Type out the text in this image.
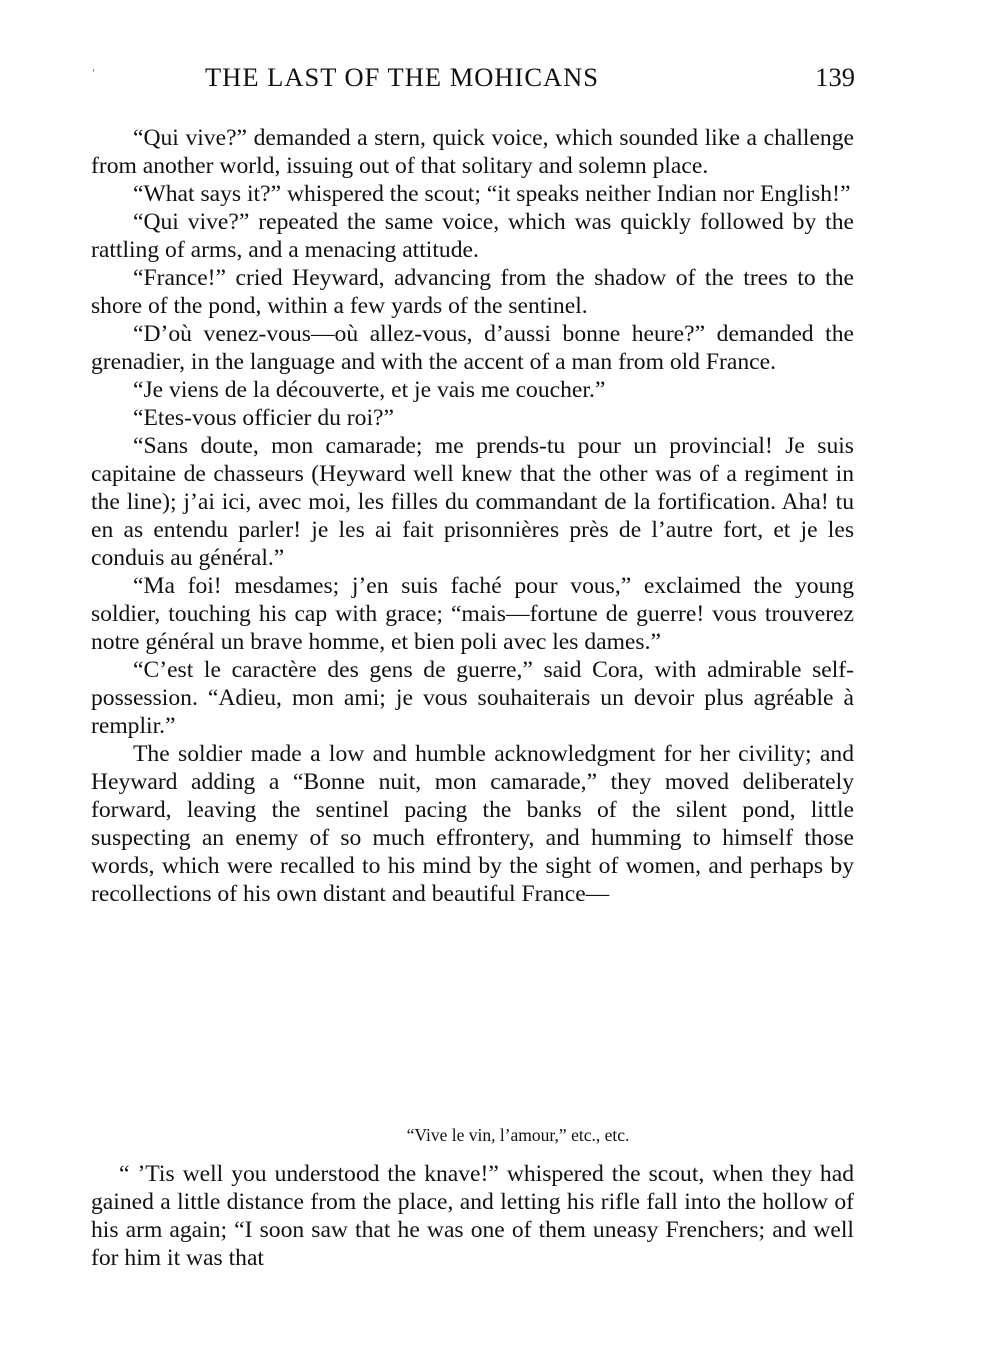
ʻ	THE LAST OF THE MOHICANS	139

“Qui vive?” demanded a stern, quick voice, which sounded like a challenge from another world, issuing out of that solitary and solemn place.

“What says it?” whispered the scout; “it speaks neither Indian nor English!”

“Qui vive?” repeated the same voice, which was quickly followed by the rattling of arms, and a menacing attitude.

“France!” cried Heyward, advancing from the shadow of the trees to the shore of the pond, within a few yards of the sentinel.

“D’où venez-vous—où allez-vous, d’aussi bonne heure?” demanded the grenadier, in the language and with the accent of a man from old France.

“Je viens de la découverte, et je vais me coucher.”

“Etes-vous officier du roi?”

“Sans doute, mon camarade; me prends-tu pour un provincial! Je suis capitaine de chasseurs (Heyward well knew that the other was of a regiment in the line); j’ai ici, avec moi, les filles du commandant de la fortification. Aha! tu en as entendu parler! je les ai fait prisonnières près de l’autre fort, et je les conduis au général.”

“Ma foi! mesdames; j’en suis faché pour vous,” exclaimed the young soldier, touching his cap with grace; “mais—fortune de guerre! vous trouverez notre général un brave homme, et bien poli avec les dames.”

“C’est le caractère des gens de guerre,” said Cora, with admirable self-possession. “Adieu, mon ami; je vous souhaiterais un devoir plus agréable à remplir.”

The soldier made a low and humble acknowledgment for her civility; and Heyward adding a “Bonne nuit, mon camarade,” they moved deliberately forward, leaving the sentinel pacing the banks of the silent pond, little suspecting an enemy of so much effrontery, and humming to himself those words, which were recalled to his mind by the sight of women, and perhaps by recollections of his own distant and beautiful France—

“Vive le vin, l’amour,” etc., etc.

“ ’Tis well you understood the knave!” whispered the scout, when they had gained a little distance from the place, and letting his rifle fall into the hollow of his arm again; “I soon saw that he was one of them uneasy Frenchers; and well for him it was that
